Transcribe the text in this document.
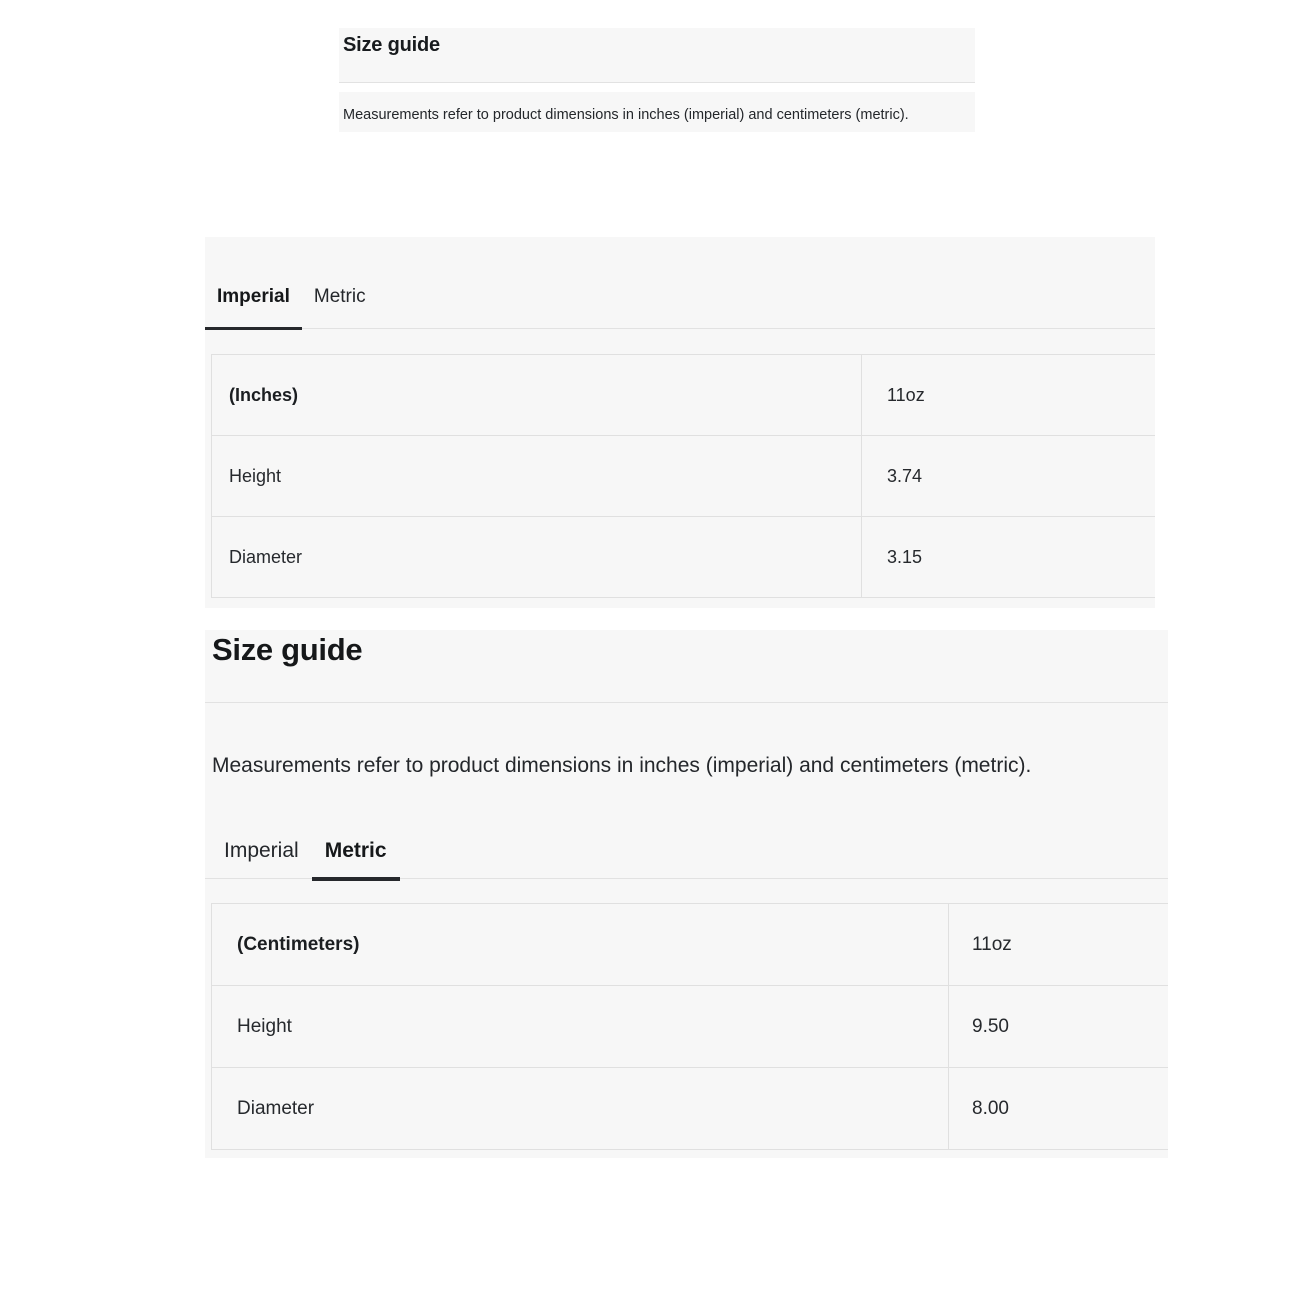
Size guide
Measurements refer to product dimensions in inches (imperial) and centimeters (metric).
Imperial	Metric
(Inches)	11oz
Height	3.74
Diameter	3.15
Size guide
Measurements refer to product dimensions in inches (imperial) and centimeters (metric).
Imperial	Metric
(Centimeters)	11oz
Height	9.50
Diameter	8.00
